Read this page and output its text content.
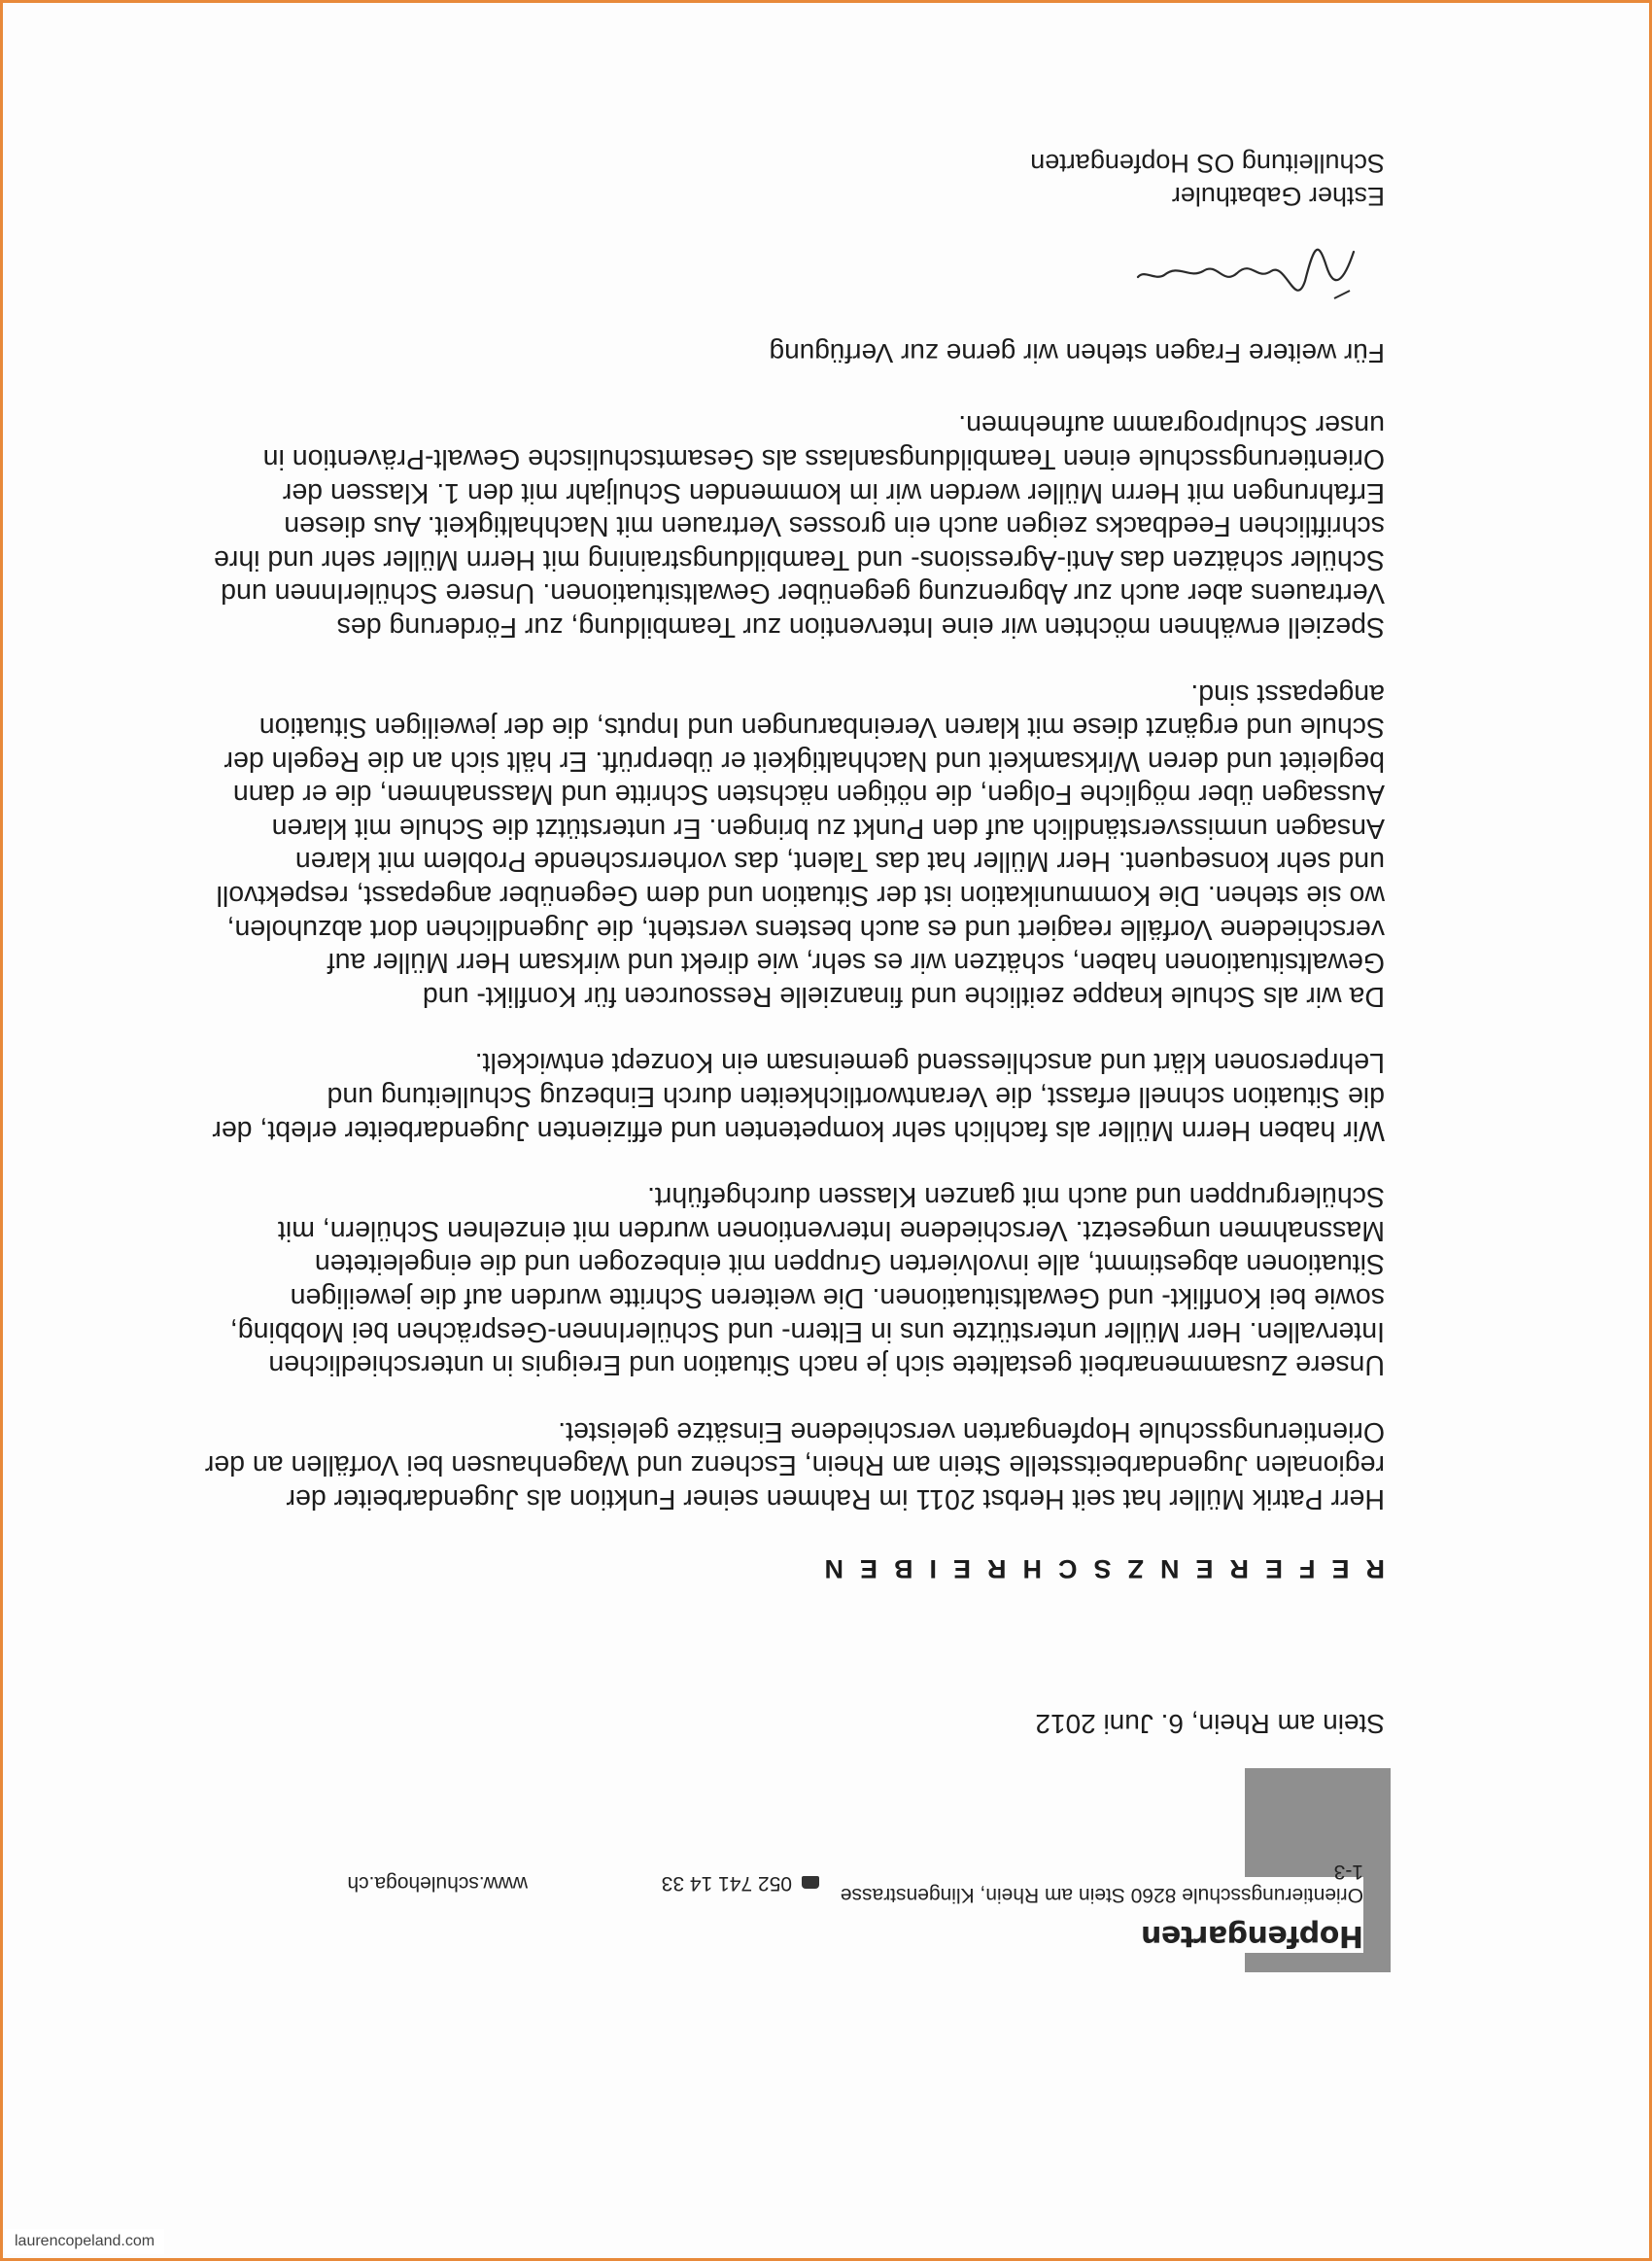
Hopfengarten
Orientierungsschule 8260 Stein am Rhein, Klingenstrasse 1-3
052 741 14 33
www.schulehoga.ch
Stein am Rhein, 6. Juni 2012
REFERENZSCHREIBEN

Herr Patrik Müller hat seit Herbst 2011 im Rahmen seiner Funktion als Jugendarbeiter der regionalen Jugendarbeitsstelle Stein am Rhein, Eschenz und Wagenhausen bei Vorfällen an der Orientierungsschule Hopfengarten verschiedene Einsätze geleistet.

Unsere Zusammenarbeit gestaltete sich je nach Situation und Ereignis in unterschiedlichen Intervallen. Herr Müller unterstützte uns in Eltern- und SchülerInnen-Gesprächen bei Mobbing, sowie bei Konflikt- und Gewaltsituationen. Die weiteren Schritte wurden auf die jeweiligen Situationen abgestimmt, alle involvierten Gruppen mit einbezogen und die eingeleiteten Massnahmen umgesetzt. Verschiedene Interventionen wurden mit einzelnen Schülern, mit Schülergruppen und auch mit ganzen Klassen durchgeführt.

Wir haben Herrn Müller als fachlich sehr kompetenten und effizienten Jugendarbeiter erlebt, der die Situation schnell erfasst, die Verantwortlichkeiten durch Einbezug Schulleitung und Lehrpersonen klärt und anschliessend gemeinsam ein Konzept entwickelt.

Da wir als Schule knappe zeitliche und finanzielle Ressourcen für Konflikt- und Gewaltsituationen haben, schätzen wir es sehr, wie direkt und wirksam Herr Müller auf verschiedene Vorfälle reagiert und es auch bestens versteht, die Jugendlichen dort abzuholen, wo sie stehen. Die Kommunikation ist der Situation und dem Gegenüber angepasst, respektvoll und sehr konsequent. Herr Müller hat das Talent, das vorherrschende Problem mit klaren Ansagen unmissverständlich auf den Punkt zu bringen. Er unterstützt die Schule mit klaren Aussagen über mögliche Folgen, die nötigen nächsten Schritte und Massnahmen, die er dann begleitet und deren Wirksamkeit und Nachhaltigkeit er überprüft. Er hält sich an die Regeln der Schule und ergänzt diese mit klaren Vereinbarungen und Inputs, die der jeweiligen Situation angepasst sind.

Speziell erwähnen möchten wir eine Intervention zur Teambildung, zur Förderung des Vertrauens aber auch zur Abgrenzung gegenüber Gewaltsituationen. Unsere SchülerInnen und Schüler schätzen das Anti-Agressions- und Teambildungstraining mit Herrn Müller sehr und ihre schriftlichen Feedbacks zeigen auch ein grosses Vertrauen mit Nachhaltigkeit. Aus diesen Erfahrungen mit Herrn Müller werden wir im kommenden Schuljahr mit den 1. Klassen der Orientierungsschule einen Teambildungsanlass als Gesamtschulische Gewalt-Prävention in unser Schulprogramm aufnehmen.

Für weitere Fragen stehen wir gerne zur Verfügung
Esther Gabathuler
Schulleitung OS Hopfengarten
laurencopeland.com
